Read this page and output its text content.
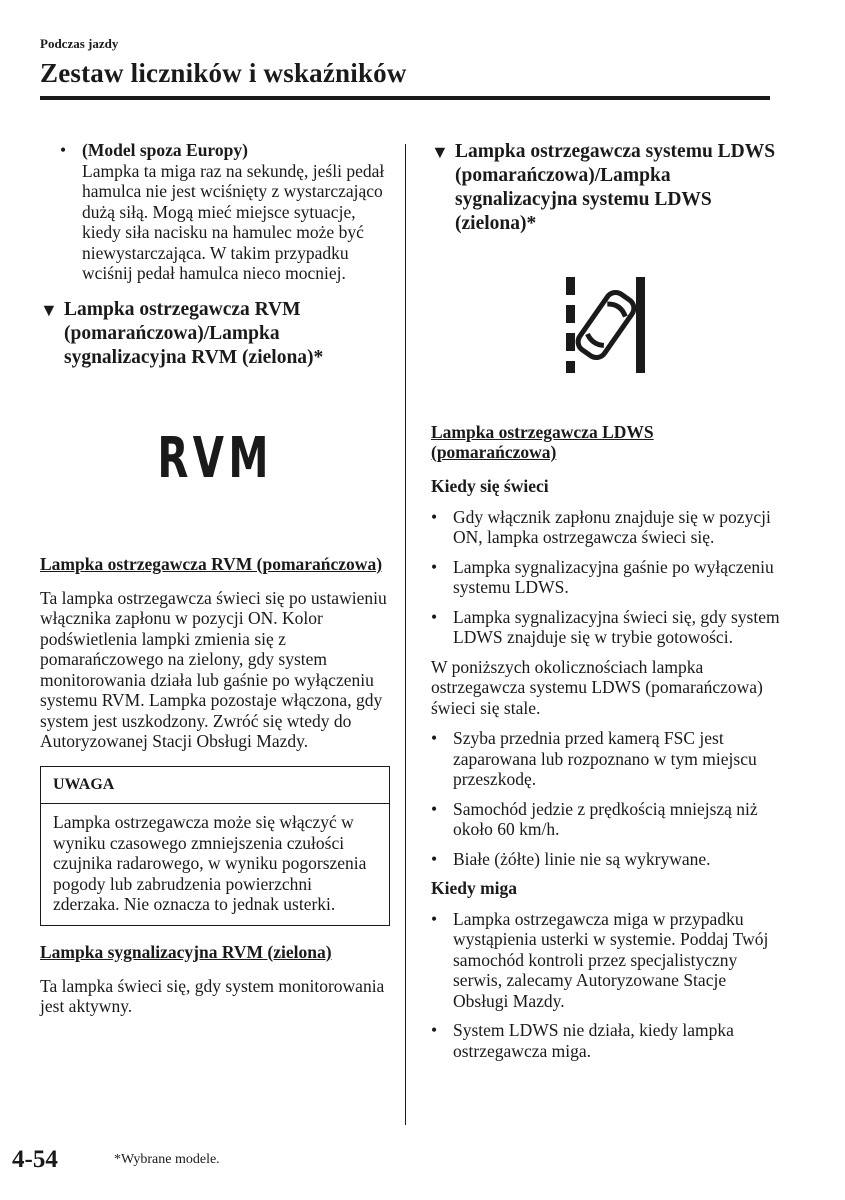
Podczas jazdy
Zestaw liczników i wskaźników
• (Model spoza Europy)
Lampka ta miga raz na sekundę, jeśli pedał hamulca nie jest wciśnięty z wystarczająco dużą siłą. Mogą mieć miejsce sytuacje, kiedy siła nacisku na hamulec może być niewystarczająca. W takim przypadku wciśnij pedał hamulca nieco mocniej.
▼ Lampka ostrzegawcza RVM (pomarańczowa)/Lampka sygnalizacyjna RVM (zielona)*
RVM
Lampka ostrzegawcza RVM (pomarańczowa)

Ta lampka ostrzegawcza świeci się po ustawieniu włącznika zapłonu w pozycji ON. Kolor podświetlenia lampki zmienia się z pomarańczowego na zielony, gdy system monitorowania działa lub gaśnie po wyłączeniu systemu RVM. Lampka pozostaje włączona, gdy system jest uszkodzony. Zwróć się wtedy do Autoryzowanej Stacji Obsługi Mazdy.

UWAGA
Lampka ostrzegawcza może się włączyć w wyniku czasowego zmniejszenia czułości czujnika radarowego, w wyniku pogorszenia pogody lub zabrudzenia powierzchni zderzaka. Nie oznacza to jednak usterki.
Lampka sygnalizacyjna RVM (zielona)

Ta lampka świeci się, gdy system monitorowania jest aktywny.

▼ Lampka ostrzegawcza systemu LDWS (pomarańczowa)/Lampka sygnalizacyjna systemu LDWS (zielona)*
Lampka ostrzegawcza LDWS (pomarańczowa)
Kiedy się świeci
• Gdy włącznik zapłonu znajduje się w pozycji ON, lampka ostrzegawcza świeci się.
• Lampka sygnalizacyjna gaśnie po wyłączeniu systemu LDWS.
• Lampka sygnalizacyjna świeci się, gdy system LDWS znajduje się w trybie gotowości.

W poniższych okolicznościach lampka ostrzegawcza systemu LDWS (pomarańczowa) świeci się stale.

• Szyba przednia przed kamerą FSC jest zaparowana lub rozpoznano w tym miejscu przeszkodę.
• Samochód jedzie z prędkością mniejszą niż około 60 km/h.
• Białe (żółte) linie nie są wykrywane.
Kiedy miga
• Lampka ostrzegawcza miga w przypadku wystąpienia usterki w systemie. Poddaj Twój samochód kontroli przez specjalistyczny serwis, zalecamy Autoryzowane Stacje Obsługi Mazdy.
• System LDWS nie działa, kiedy lampka ostrzegawcza miga.
4-54	*Wybrane modele.
